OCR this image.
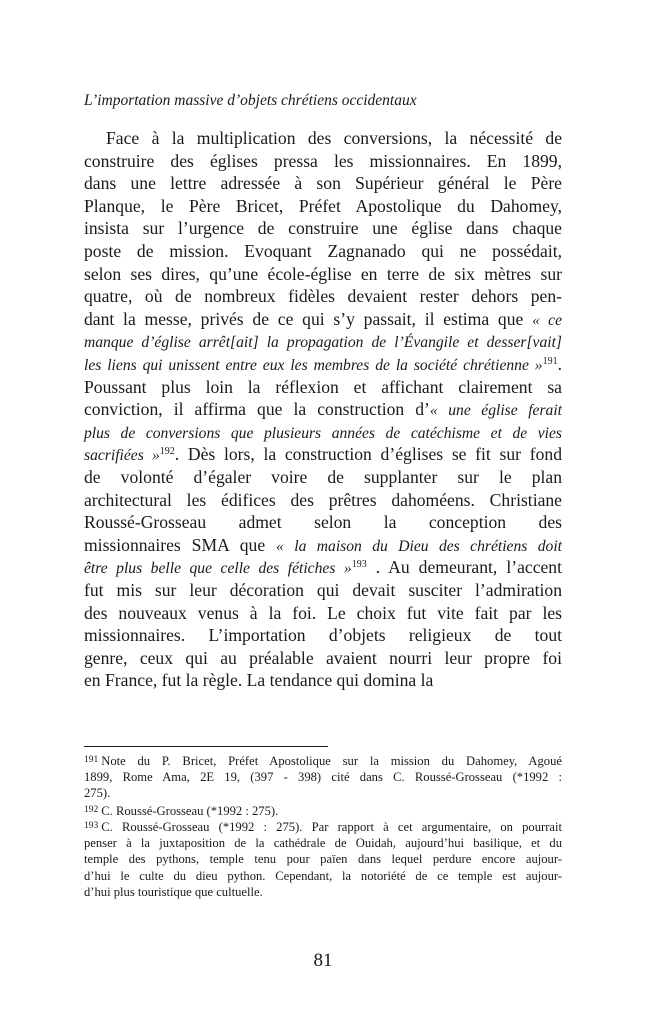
L’importation massive d’objets chrétiens occidentaux
Face à la multiplication des conversions, la nécessité de
construire des églises pressa les missionnaires. En 1899,
dans une lettre adressée à son Supérieur général le Père
Planque, le Père Bricet, Préfet Apostolique du Dahomey,
insista sur l’urgence de construire une église dans chaque
poste de mission. Evoquant Zagnanado qui ne possédait,
selon ses dires, qu’une école-église en terre de six mètres sur
quatre, où de nombreux fidèles devaient rester dehors pen-
dant la messe, privés de ce qui s’y passait, il estima que « ce
manque d’église arrêt[ait] la propagation de l’Évangile et desser[vait]
les liens qui unissent entre eux les membres de la société chrétienne »$^{191}$.
Poussant plus loin la réflexion et affichant clairement sa
conviction, il affirma que la construction d’« une église ferait
plus de conversions que plusieurs années de catéchisme et de vies
sacrifiées »$^{192}$. Dès lors, la construction d’églises se fit sur fond
de volonté d’égaler voire de supplanter sur le plan
architectural les édifices des prêtres dahoméens. Christiane
Roussé-Grosseau admet selon la conception des
missionnaires SMA que « la maison du Dieu des chrétiens doit
être plus belle que celle des fétiches »$^{193}$ . Au demeurant, l’accent
fut mis sur leur décoration qui devait susciter l’admiration
des nouveaux venus à la foi. Le choix fut vite fait par les
missionnaires. L’importation d’objets religieux de tout
genre, ceux qui au préalable avaient nourri leur propre foi
en France, fut la règle. La tendance qui domina la
$^{191}$ Note du P. Bricet, Préfet Apostolique sur la mission du Dahomey, Agoué
1899, Rome Ama, 2E 19, (397 - 398) cité dans C. Roussé-Grosseau (*1992 :
275).
$^{192}$ C. Roussé-Grosseau (*1992 : 275).
$^{193}$ C. Roussé-Grosseau (*1992 : 275). Par rapport à cet argumentaire, on pourrait
penser à la juxtaposition de la cathédrale de Ouidah, aujourd’hui basilique, et du
temple des pythons, temple tenu pour païen dans lequel perdure encore aujour-
d’hui le culte du dieu python. Cependant, la notoriété de ce temple est aujour-
d’hui plus touristique que cultuelle.
81
